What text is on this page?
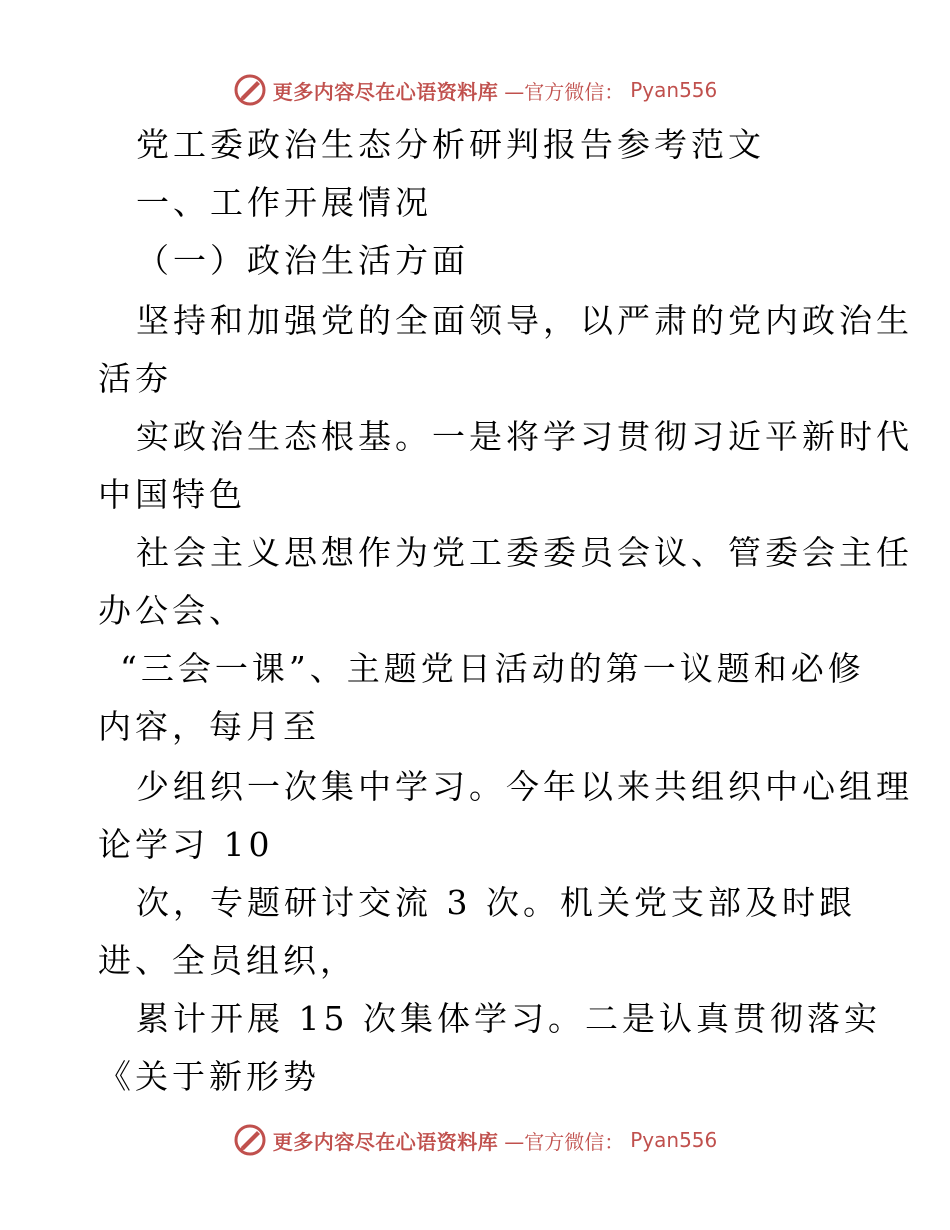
更多内容尽在心语资料库 —官方微信： Pyan556
党工委政治生态分析研判报告参考范文
一、工作开展情况
（一）政治生活方面
坚持和加强党的全面领导，以严肃的党内政治生
活夯
实政治生态根基。一是将学习贯彻习近平新时代
中国特色
社会主义思想作为党工委委员会议、管委会主任
办公会、
“三会一课”、主题党日活动的第一议题和必修
内容，每月至
少组织一次集中学习。今年以来共组织中心组理
论学习 10
次，专题研讨交流 3 次。机关党支部及时跟
进、全员组织，
累计开展 15 次集体学习。二是认真贯彻落实
《关于新形势
更多内容尽在心语资料库 —官方微信： Pyan556
